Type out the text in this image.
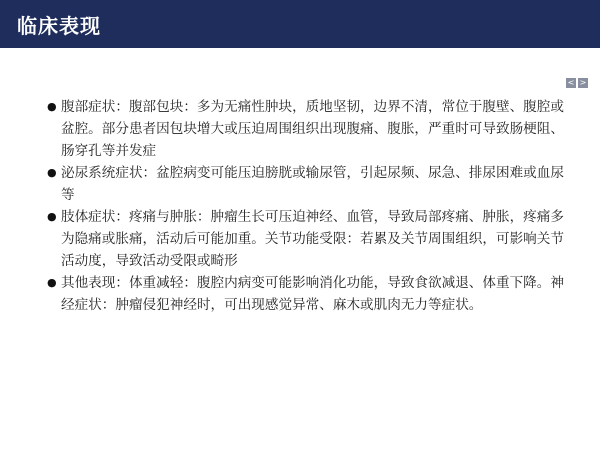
临床表现
< >
● 腹部症状：腹部包块：多为无痛性肿块，质地坚韧，边界不清，常位于腹壁、腹腔或盆腔。部分患者因包块增大或压迫周围组织出现腹痛、腹胀，严重时可导致肠梗阻、肠穿孔等并发症
● 泌尿系统症状：盆腔病变可能压迫膀胱或输尿管，引起尿频、尿急、排尿困难或血尿等
● 肢体症状：疼痛与肿胀：肿瘤生长可压迫神经、血管，导致局部疼痛、肿胀，疼痛多为隐痛或胀痛，活动后可能加重。关节功能受限：若累及关节周围组织，可影响关节活动度，导致活动受限或畸形
● 其他表现：体重减轻：腹腔内病变可能影响消化功能，导致食欲减退、体重下降。神经症状：肿瘤侵犯神经时，可出现感觉异常、麻木或肌肉无力等症状。
